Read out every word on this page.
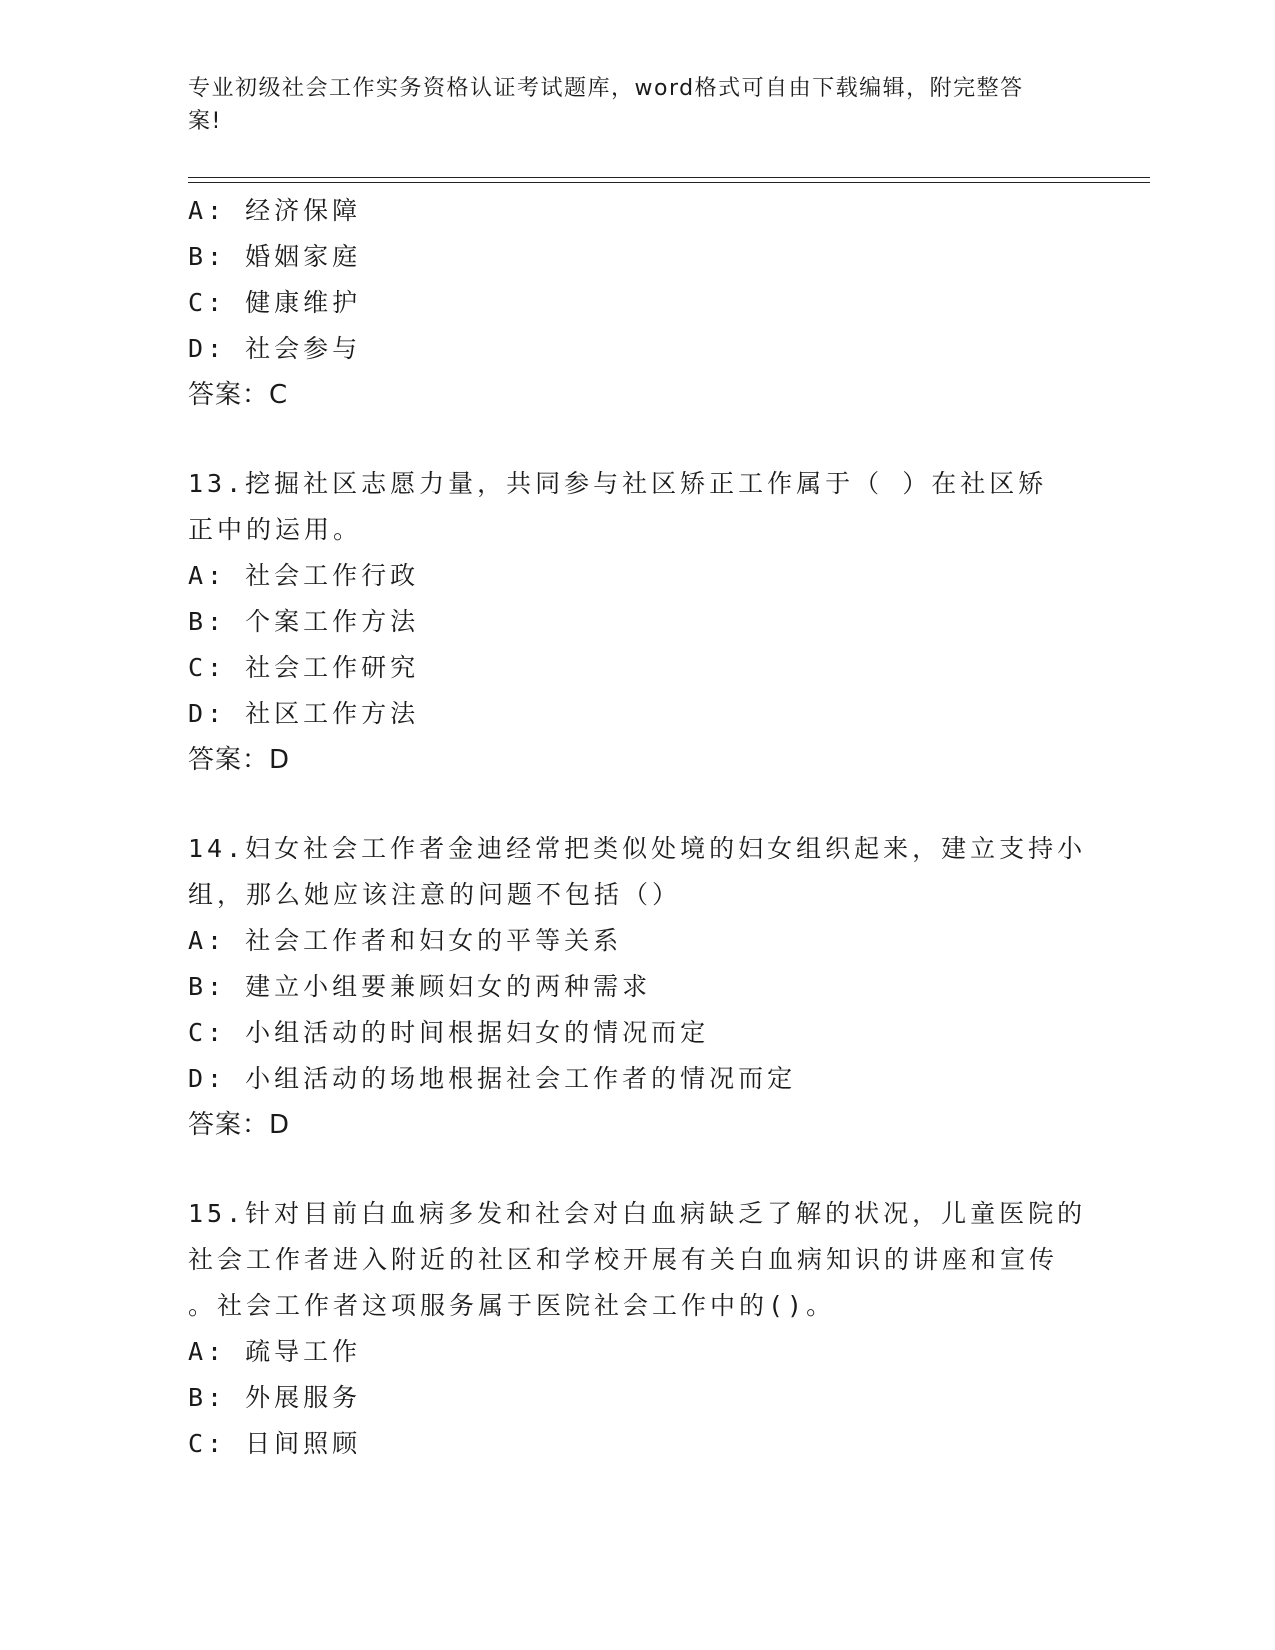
专业初级社会工作实务资格认证考试题库，word格式可自由下载编辑，附完整答
案!
A: 经济保障
B: 婚姻家庭
C: 健康维护
D: 社会参与
答案：C
13.挖掘社区志愿力量，共同参与社区矫正工作属于（ ）在社区矫
正中的运用。
A: 社会工作行政
B: 个案工作方法
C: 社会工作研究
D: 社区工作方法
答案：D
14.妇女社会工作者金迪经常把类似处境的妇女组织起来，建立支持小
组，那么她应该注意的问题不包括（）
A: 社会工作者和妇女的平等关系
B: 建立小组要兼顾妇女的两种需求
C: 小组活动的时间根据妇女的情况而定
D: 小组活动的场地根据社会工作者的情况而定
答案：D
15.针对目前白血病多发和社会对白血病缺乏了解的状况，儿童医院的
社会工作者进入附近的社区和学校开展有关白血病知识的讲座和宣传
。社会工作者这项服务属于医院社会工作中的()。
A: 疏导工作
B: 外展服务
C: 日间照顾
